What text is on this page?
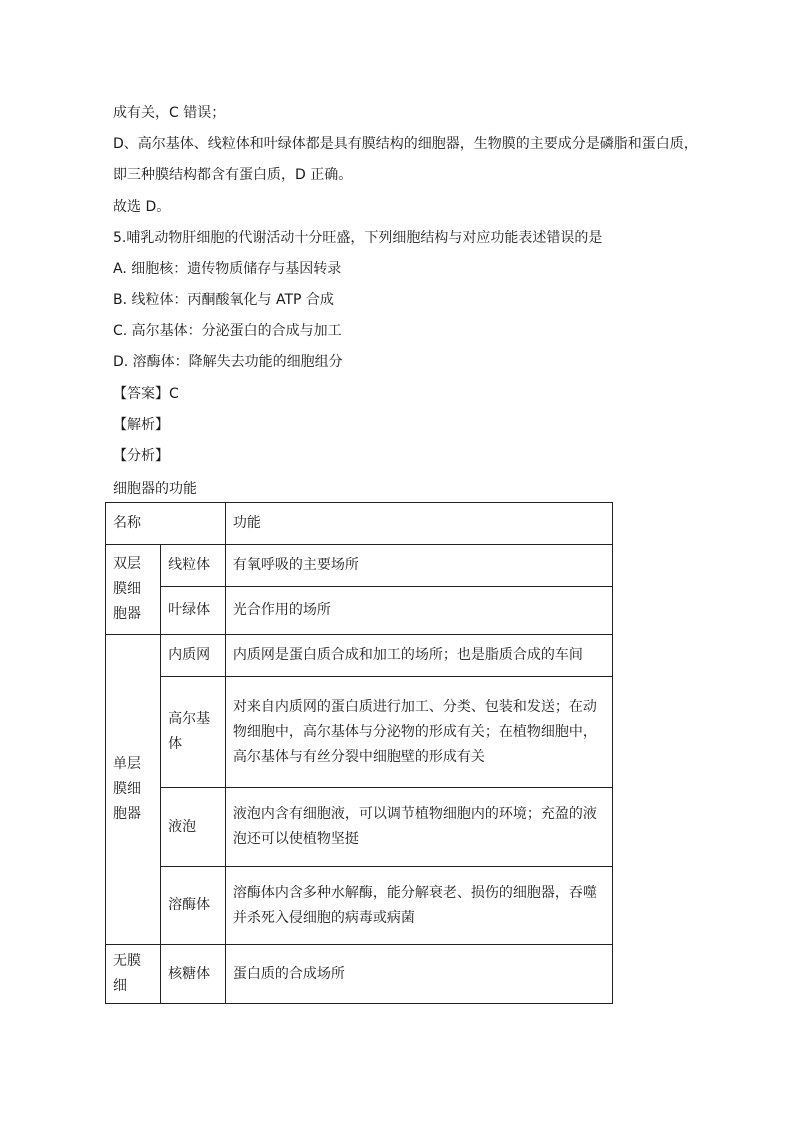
成有关，C 错误；
D、高尔基体、线粒体和叶绿体都是具有膜结构的细胞器，生物膜的主要成分是磷脂和蛋白质，
即三种膜结构都含有蛋白质，D 正确。
故选 D。
5.哺乳动物肝细胞的代谢活动十分旺盛，下列细胞结构与对应功能表述错误的是
A. 细胞核：遗传物质储存与基因转录
B. 线粒体：丙酮酸氧化与 ATP 合成
C. 高尔基体：分泌蛋白的合成与加工
D. 溶酶体：降解失去功能的细胞组分
【答案】C
【解析】
【分析】
细胞器的功能
名称		功能
双层膜细胞器	线粒体	有氧呼吸的主要场所
	叶绿体	光合作用的场所
单层膜细胞器	内质网	内质网是蛋白质合成和加工的场所；也是脂质合成的车间
	高尔基体	对来自内质网的蛋白质进行加工、分类、包装和发送；在动物细胞中，高尔基体与分泌物的形成有关；在植物细胞中，高尔基体与有丝分裂中细胞壁的形成有关
	液泡	液泡内含有细胞液，可以调节植物细胞内的环境；充盈的液泡还可以使植物坚挺
	溶酶体	溶酶体内含多种水解酶，能分解衰老、损伤的细胞器，吞噬并杀死入侵细胞的病毒或病菌
无膜细	核糖体	蛋白质的合成场所
